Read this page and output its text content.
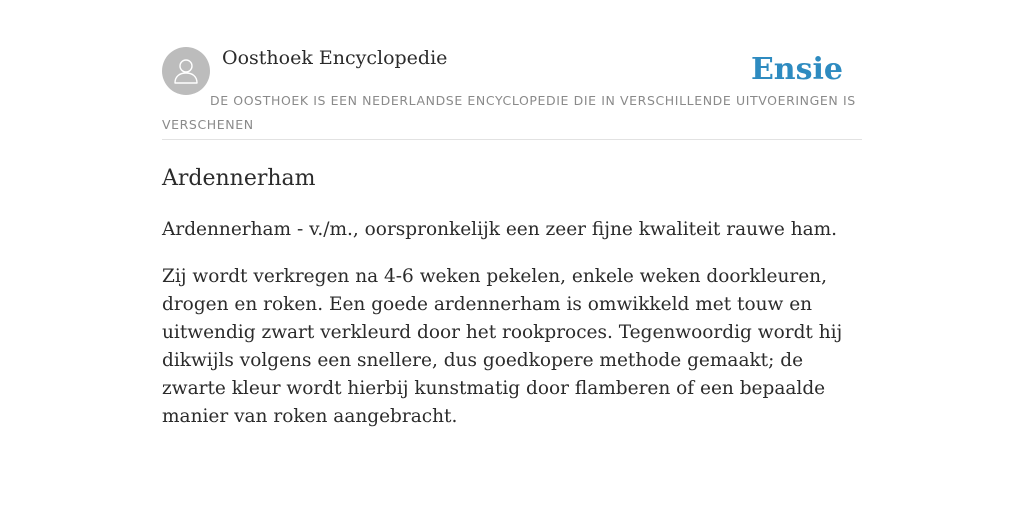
Oosthoek Encyclopedie	Ensie
DE OOSTHOEK IS EEN NEDERLANDSE ENCYCLOPEDIE DIE IN VERSCHILLENDE UITVOERINGEN IS VERSCHENEN
Ardennerham

Ardennerham - v./m., oorspronkelijk een zeer fijne kwaliteit rauwe ham.

Zij wordt verkregen na 4-6 weken pekelen, enkele weken doorkleuren, drogen en roken. Een goede ardennerham is omwikkeld met touw en uitwendig zwart verkleurd door het rookproces. Tegenwoordig wordt hij dikwijls volgens een snellere, dus goedkopere methode gemaakt; de zwarte kleur wordt hierbij kunstmatig door flamberen of een bepaalde manier van roken aangebracht.
